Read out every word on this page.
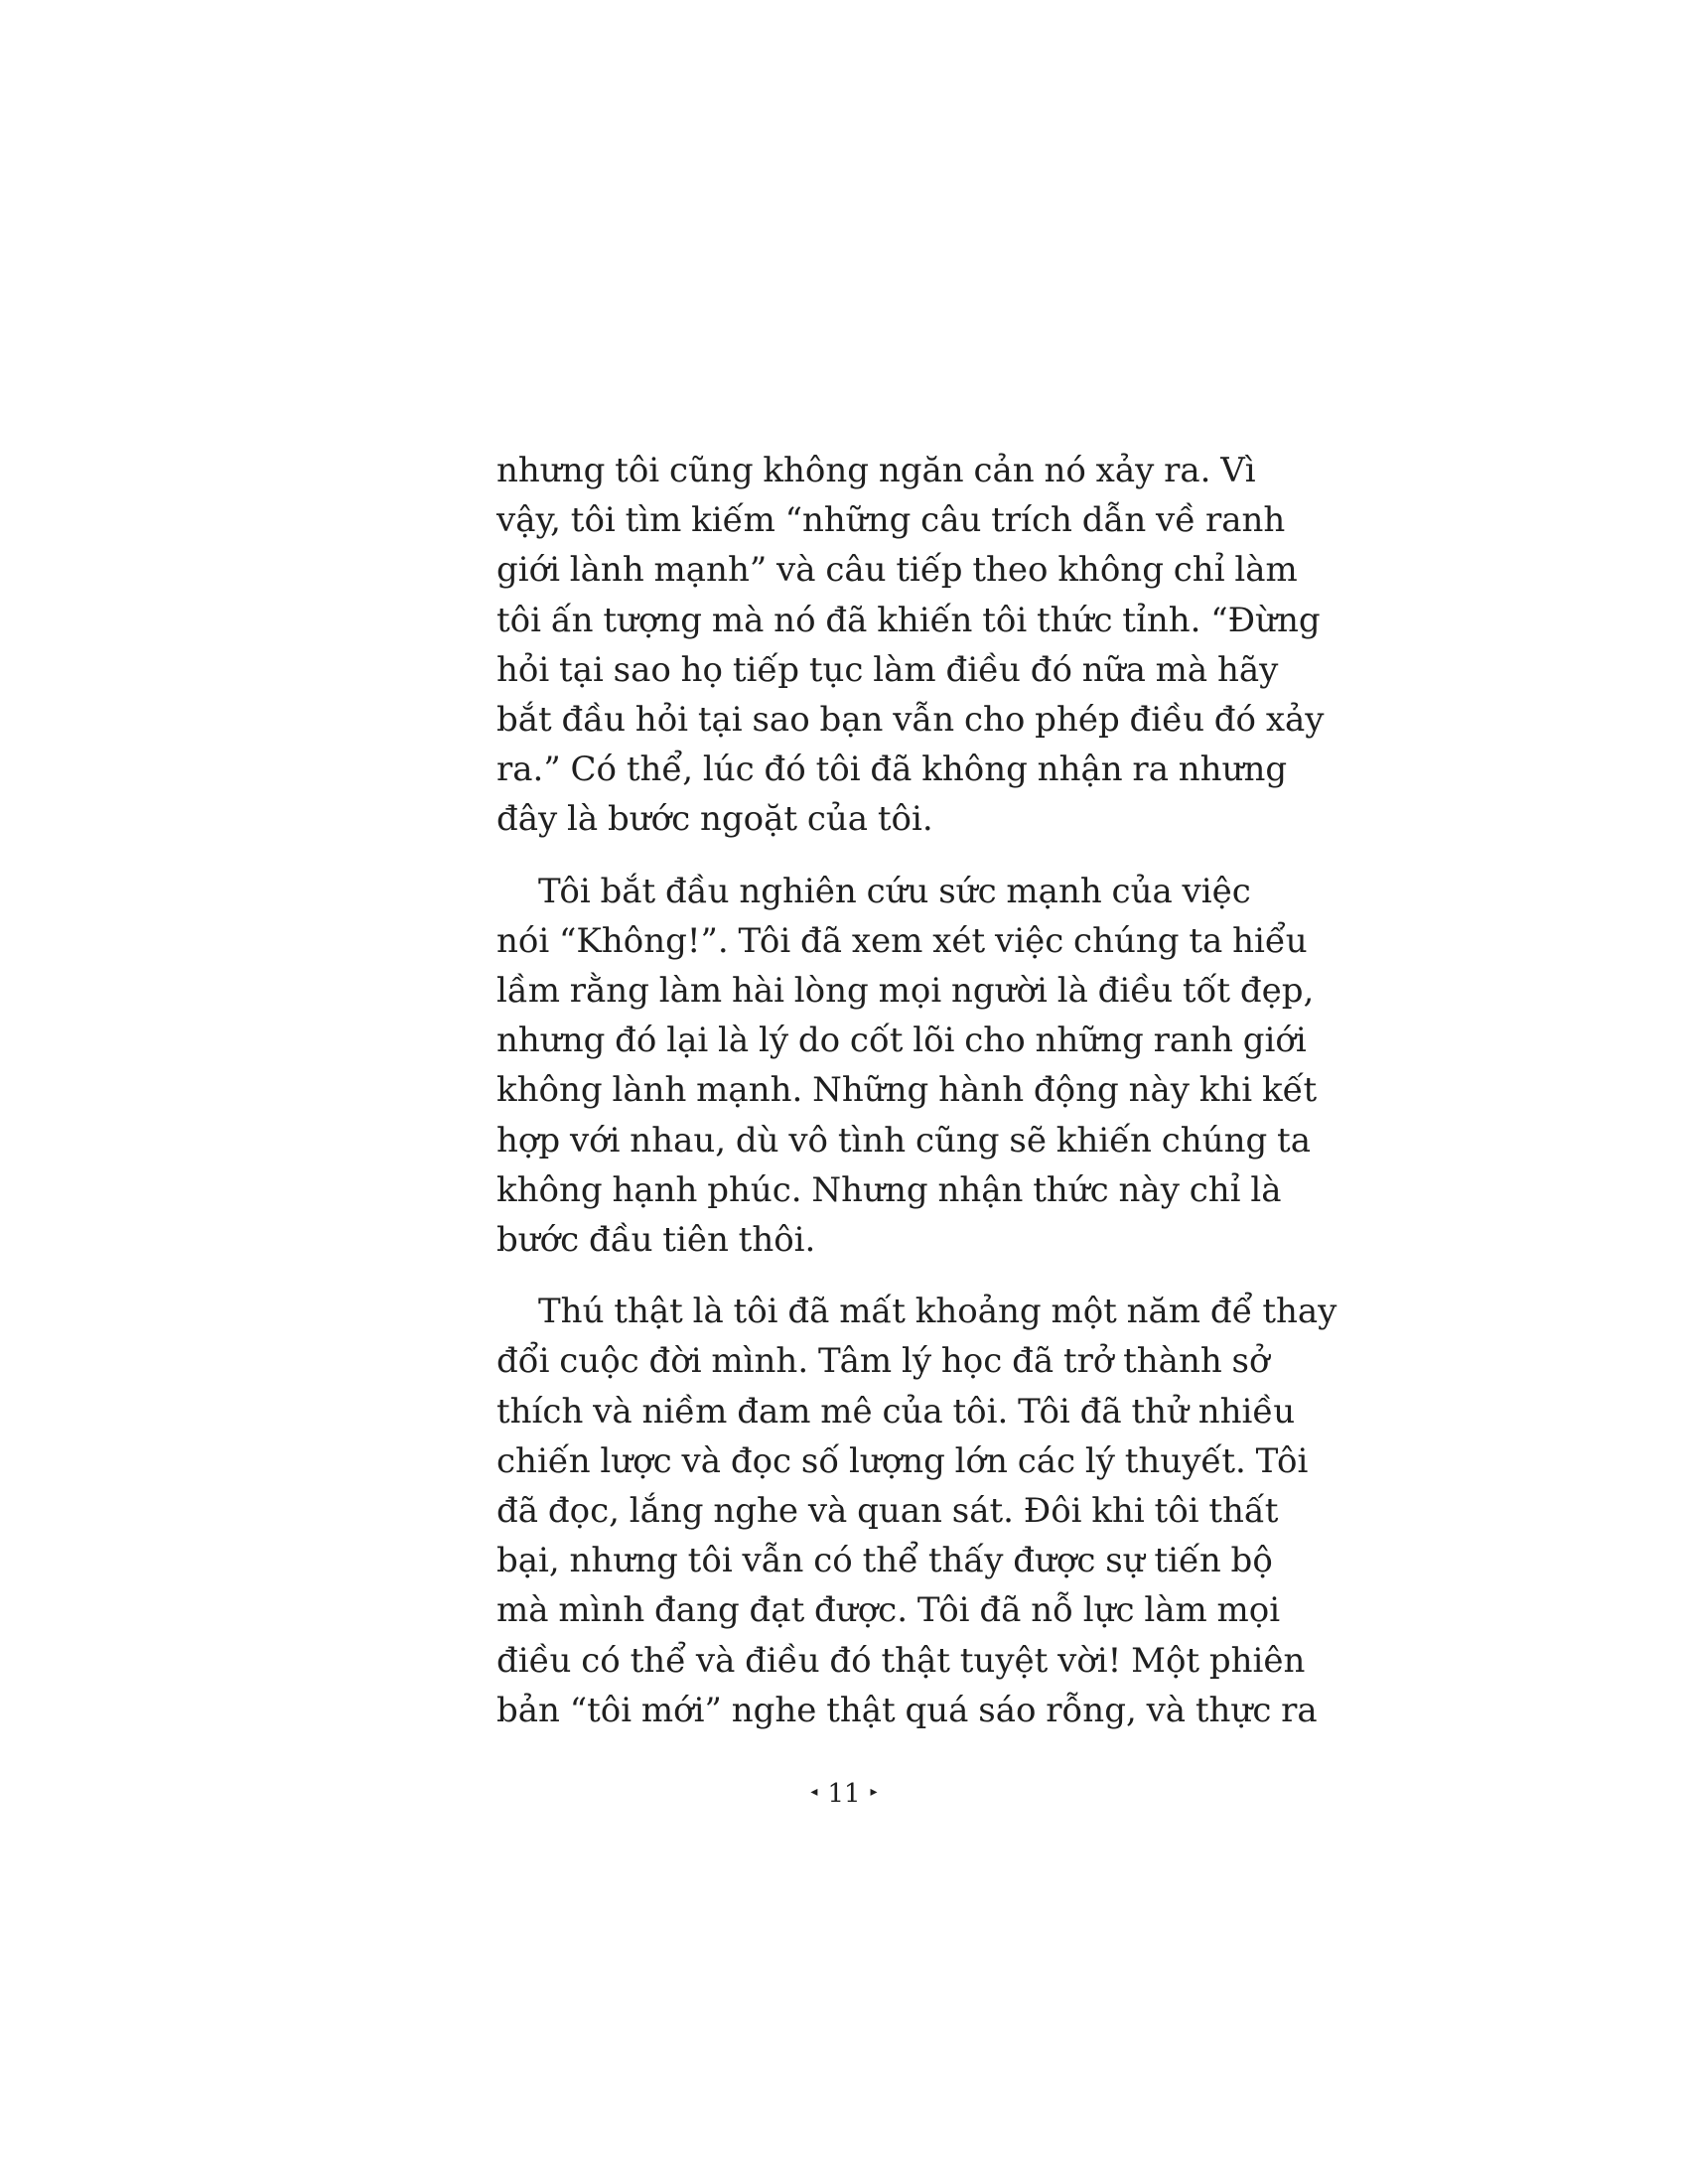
nhưng tôi cũng không ngăn cản nó xảy ra. Vì
vậy, tôi tìm kiếm “những câu trích dẫn về ranh
giới lành mạnh” và câu tiếp theo không chỉ làm
tôi ấn tượng mà nó đã khiến tôi thức tỉnh. “Đừng
hỏi tại sao họ tiếp tục làm điều đó nữa mà hãy
bắt đầu hỏi tại sao bạn vẫn cho phép điều đó xảy
ra.” Có thể, lúc đó tôi đã không nhận ra nhưng
đây là bước ngoặt của tôi.
Tôi bắt đầu nghiên cứu sức mạnh của việc
nói “Không!”. Tôi đã xem xét việc chúng ta hiểu
lầm rằng làm hài lòng mọi người là điều tốt đẹp,
nhưng đó lại là lý do cốt lõi cho những ranh giới
không lành mạnh. Những hành động này khi kết
hợp với nhau, dù vô tình cũng sẽ khiến chúng ta
không hạnh phúc. Nhưng nhận thức này chỉ là
bước đầu tiên thôi.
Thú thật là tôi đã mất khoảng một năm để thay
đổi cuộc đời mình. Tâm lý học đã trở thành sở
thích và niềm đam mê của tôi. Tôi đã thử nhiều
chiến lược và đọc số lượng lớn các lý thuyết. Tôi
đã đọc, lắng nghe và quan sát. Đôi khi tôi thất
bại, nhưng tôi vẫn có thể thấy được sự tiến bộ
mà mình đang đạt được. Tôi đã nỗ lực làm mọi
điều có thể và điều đó thật tuyệt vời! Một phiên
bản “tôi mới” nghe thật quá sáo rỗng, và thực ra
◂ 11 ▸
